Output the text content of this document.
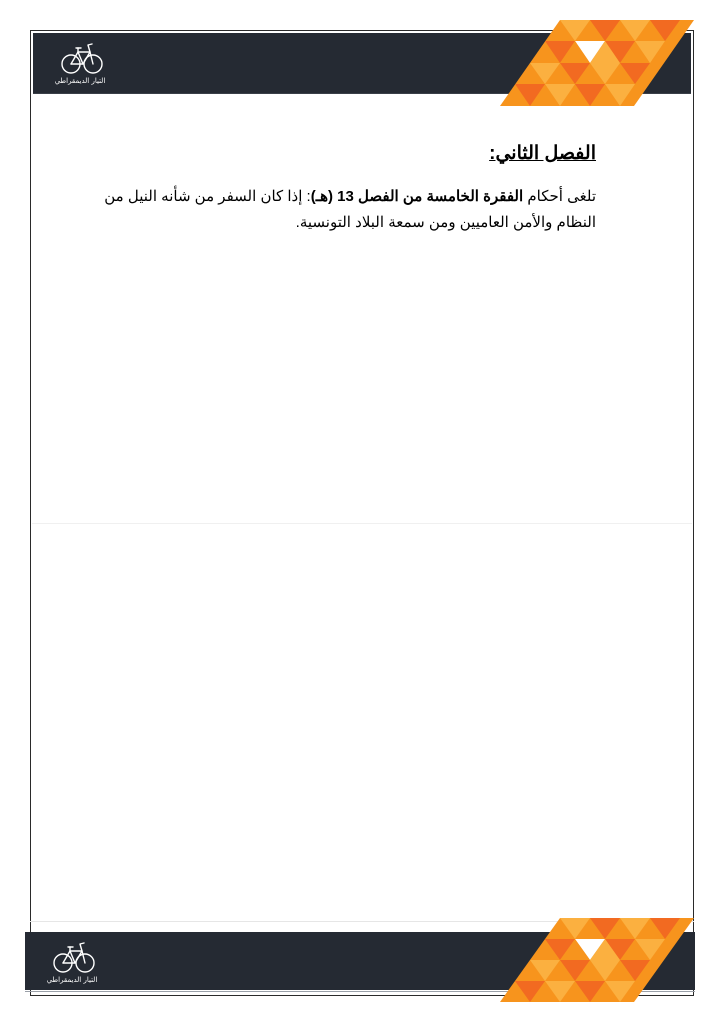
التيار الديمقراطي
الفصل الثاني:

تلغى أحكام الفقرة الخامسة من الفصل 13 (هـ): إذا كان السفر من شأنه النيل من النظام والأمن العاميين ومن سمعة البلاد التونسية.

التيار الديمقراطي
